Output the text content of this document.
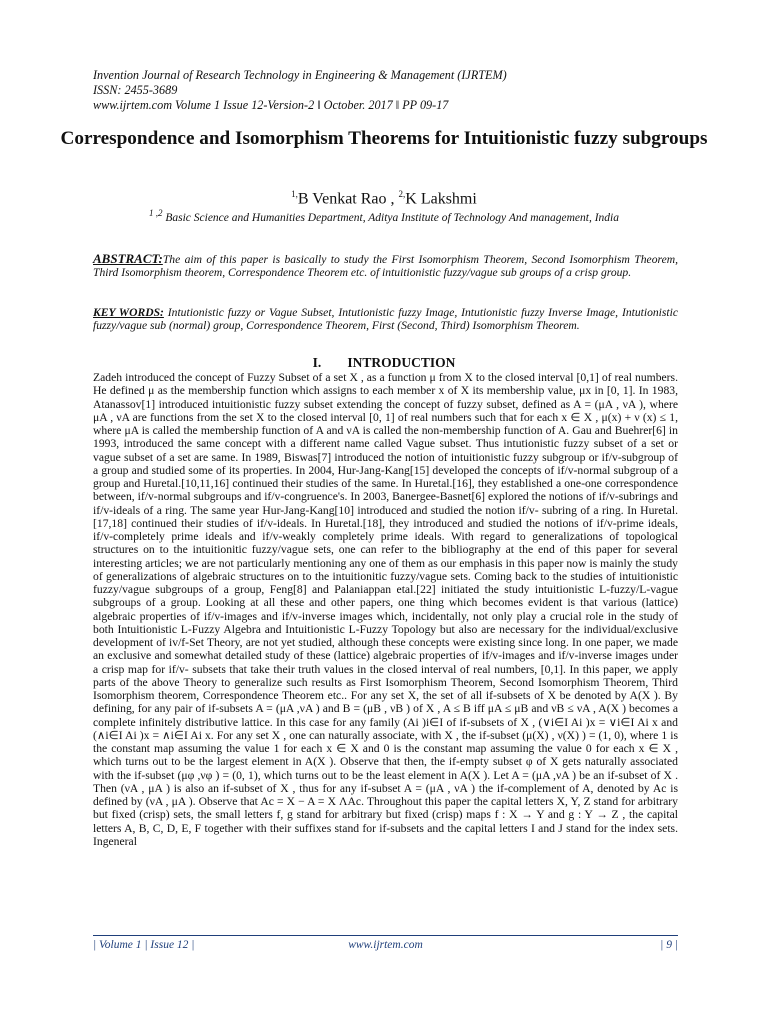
Invention Journal of Research Technology in Engineering & Management (IJRTEM)
ISSN: 2455-3689
www.ijrtem.com Volume 1 Issue 12-Version-2 ǁ October. 2017 ǁ PP 09-17
Correspondence and Isomorphism Theorems for Intuitionistic fuzzy subgroups
$^{1,}$B Venkat Rao , $^{2,}$K Lakshmi
$^{1 ,2}$ Basic Science and Humanities Department, Aditya Institute of Technology And management, India
ABSTRACT:The aim of this paper is basically to study the First Isomorphism Theorem, Second Isomorphism Theorem, Third Isomorphism theorem, Correspondence Theorem etc. of intuitionistic fuzzy/vague sub groups of a crisp group.
KEY WORDS: Intutionistic fuzzy or Vague Subset, Intutionistic fuzzy Image, Intutionistic fuzzy Inverse Image, Intutionistic fuzzy/vague sub (normal) group, Correspondence Theorem, First (Second, Third) Isomorphism Theorem.
I. INTRODUCTION
Zadeh introduced the concept of Fuzzy Subset of a set X , as a function μ from X to the closed interval [0,1] of real numbers. He defined μ as the membership function which assigns to each member x of X its membership value, μx in [0, 1]. In 1983, Atanassov[1] introduced intuitionistic fuzzy subset extending the concept of fuzzy subset, defined as A = (μA , νA ), where μA , νA are functions from the set X to the closed interval [0, 1] of real numbers such that for each x ∈ X , μ(x) + ν (x) ≤ 1, where μA is called the membership function of A and νA is called the non-membership function of A. Gau and Buehrer[6] in 1993, introduced the same concept with a different name called Vague subset. Thus intutionistic fuzzy subset of a set or vague subset of a set are same. In 1989, Biswas[7] introduced the notion of intuitionistic fuzzy subgroup or if/v-subgroup of a group and studied some of its properties. In 2004, Hur-Jang-Kang[15] developed the concepts of if/v-normal subgroup of a group and Huretal.[10,11,16] continued their studies of the same. In Huretal.[16], they established a one-one correspondence between, if/v-normal subgroups and if/v-congruence's. In 2003, Banergee-Basnet[6] explored the notions of if/v-subrings and if/v-ideals of a ring. The same year Hur-Jang-Kang[10] introduced and studied the notion if/v- subring of a ring. In Huretal.[17,18] continued their studies of if/v-ideals. In Huretal.[18], they introduced and studied the notions of if/v-prime ideals, if/v-completely prime ideals and if/v-weakly completely prime ideals. With regard to generalizations of topological structures on to the intuitionitic fuzzy/vague sets, one can refer to the bibliography at the end of this paper for several interesting articles; we are not particularly mentioning any one of them as our emphasis in this paper now is mainly the study of generalizations of algebraic structures on to the intuitionitic fuzzy/vague sets. Coming back to the studies of intuitionistic fuzzy/vague subgroups of a group, Feng[8] and Palaniappan etal.[22] initiated the study intuitionistic L-fuzzy/L-vague subgroups of a group. Looking at all these and other papers, one thing which becomes evident is that various (lattice) algebraic properties of if/v-images and if/v-inverse images which, incidentally, not only play a crucial role in the study of both Intuitionistic L-Fuzzy Algebra and Intuitionistic L-Fuzzy Topology but also are necessary for the individual/exclusive development of iv/f-Set Theory, are not yet studied, although these concepts were existing since long. In one paper, we made an exclusive and somewhat detailed study of these (lattice) algebraic properties of if/v-images and if/v-inverse images under a crisp map for if/v- subsets that take their truth values in the closed interval of real numbers, [0,1]. In this paper, we apply parts of the above Theory to generalize such results as First Isomorphism Theorem, Second Isomorphism Theorem, Third Isomorphism theorem, Correspondence Theorem etc.. For any set X, the set of all if-subsets of X be denoted by A(X ). By defining, for any pair of if-subsets A = (μA ,νA ) and B = (μB , νB ) of X , A ≤ B iff μA ≤ μB and νB ≤ νA , A(X ) becomes a complete infinitely distributive lattice. In this case for any family (Ai )i∈I of if-subsets of X , (∨i∈I Ai )x = ∨i∈I Ai x and (∧i∈I Ai )x = ∧i∈I Ai x. For any set X , one can naturally associate, with X , the if-subset (μ(X) , ν(X) ) = (1, 0), where 1 is the constant map assuming the value 1 for each x ∈ X and 0 is the constant map assuming the value 0 for each x ∈ X , which turns out to be the largest element in A(X ). Observe that then, the if-empty subset φ of X gets naturally associated with the if-subset (μφ ,νφ ) = (0, 1), which turns out to be the least element in A(X ). Let A = (μA ,νA ) be an if-subset of X . Then (νA , μA ) is also an if-subset of X , thus for any if-subset A = (μA , νA ) the if-complement of A, denoted by Ac is defined by (νA , μA ). Observe that Ac = X − A = X ΛAc. Throughout this paper the capital letters X, Y, Z stand for arbitrary but fixed (crisp) sets, the small letters f, g stand for arbitrary but fixed (crisp) maps f : X → Y and g : Y → Z , the capital letters A, B, C, D, E, F together with their suffixes stand for if-subsets and the capital letters I and J stand for the index sets. Ingeneral
| Volume 1 | Issue 12 |	www.ijrtem.com	| 9 |
